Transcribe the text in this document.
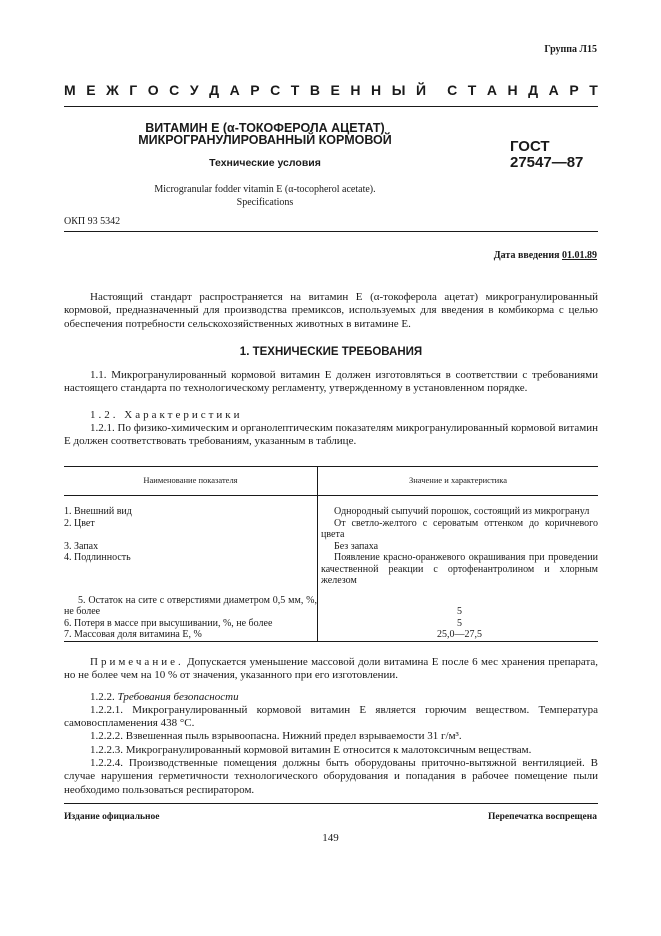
Группа Л15
М Е Ж Г О С У Д А Р С Т В Е Н Н Ы Й С Т А Н Д А Р Т
ВИТАМИН Е (α-ТОКОФЕРОЛА АЦЕТАТ)
МИКРОГРАНУЛИРОВАННЫЙ КОРМОВОЙ
Технические условия
Microgranular fodder vitamin E (α-tocopherol acetate).
Specifications
ГОСТ
27547—87
ОКП 93 5342
Дата введения 01.01.89

Настоящий стандарт распространяется на витамин Е (α-токоферола ацетат) микрогранулированный кормовой, предназначенный для производства премиксов, используемых для введения в комбикорма с целью обеспечения потребности сельскохозяйственных животных в витамине Е.

1. ТЕХНИЧЕСКИЕ ТРЕБОВАНИЯ

1.1. Микрогранулированный кормовой витамин Е должен изготовляться в соответствии с требованиями настоящего стандарта по технологическому регламенту, утвержденному в установленном порядке.

1.2. Характеристики

1.2.1. По физико-химическим и органолептическим показателям микрогранулированный кормовой витамин Е должен соответствовать требованиям, указанным в таблице.

Наименование показателя	Значение и характеристика
1. Внешний вид	Однородный сыпучий порошок, состоящий из микрогранул
2. Цвет	От светло-желтого с сероватым оттенком до коричневого цвета
3. Запах	Без запаха
4. Подлинность	Появление красно-оранжевого окрашивания при проведении качественной реакции с ортофенантролином и хлорным железом
5. Остаток на сите с отверстиями диаметром 0,5 мм, %, не более	5
6. Потеря в массе при высушивании, %, не более	5
7. Массовая доля витамина Е, %	25,0—27,5

Примечание. Допускается уменьшение массовой доли витамина Е после 6 мес хранения препарата, но не более чем на 10 % от значения, указанного при его изготовлении.

1.2.2. Требования безопасности

1.2.2.1. Микрогранулированный кормовой витамин Е является горючим веществом. Температура самовоспламенения 438 °С.

1.2.2.2. Взвешенная пыль взрывоопасна. Нижний предел взрываемости 31 г/м³.

1.2.2.3. Микрогранулированный кормовой витамин Е относится к малотоксичным веществам.

1.2.2.4. Производственные помещения должны быть оборудованы приточно-вытяжной вентиляцией. В случае нарушения герметичности технологического оборудования и попадания в рабочее помещение пыли необходимо пользоваться респиратором.

Издание официальное	Перепечатка воспрещена
149
